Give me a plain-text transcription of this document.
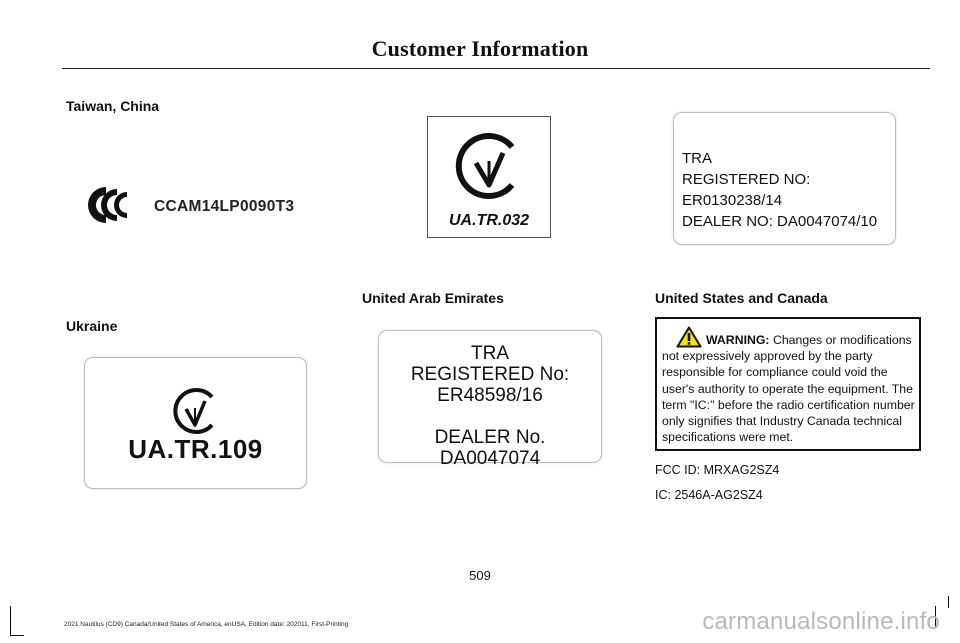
Customer Information
Taiwan, China
CCAM14LP0090T3
UA.TR.032
TRA
REGISTERED NO: ER0130238/14
DEALER NO: DA0047074/10
United Arab Emirates	United States and Canada
Ukraine
UA.TR.109
TRA
REGISTERED No:
ER48598/16
DEALER No.
DA0047074
WARNING: Changes or modifications not expressively approved by the party responsible for compliance could void the user's authority to operate the equipment. The term "IC:" before the radio certification number only signifies that Industry Canada technical specifications were met.
FCC ID: MRXAG2SZ4
IC: 2546A-AG2SZ4
509
2021 Nautilus (CD9) Canada/United States of America, enUSA, Edition date: 202011, First-Printing	carmanualsonline.info
